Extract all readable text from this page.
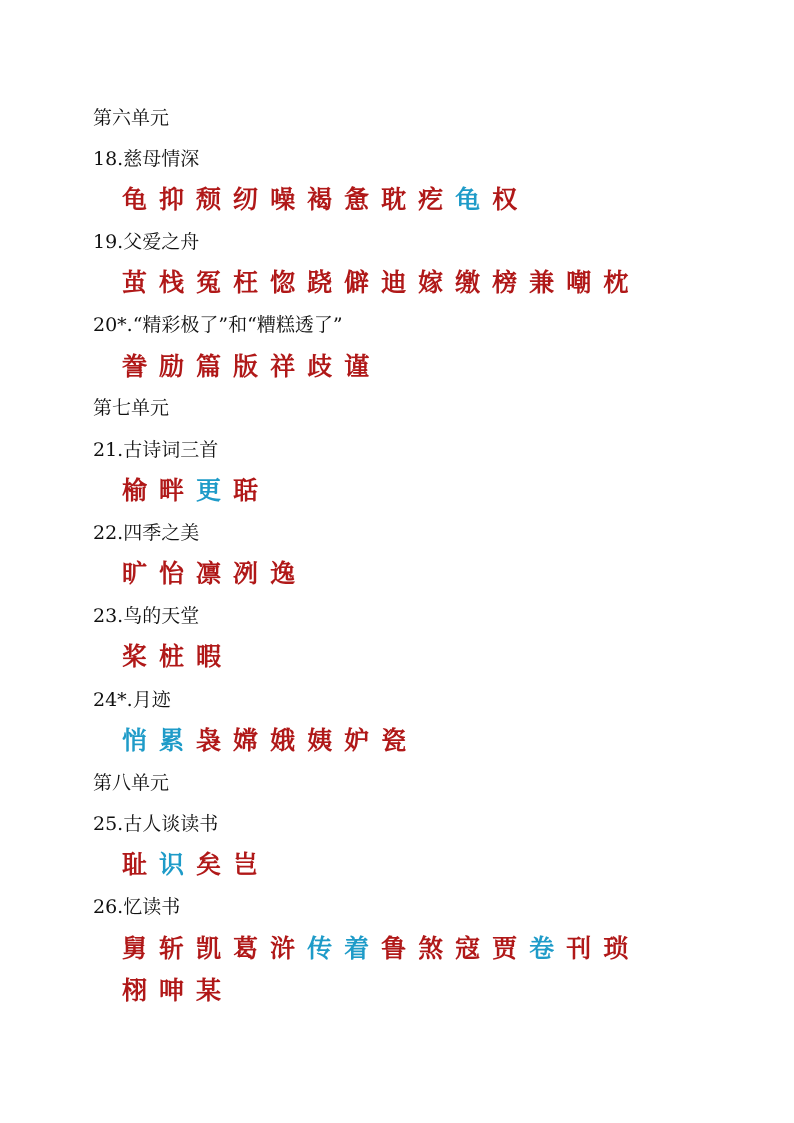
第六单元
18.慈母情深
龟 抑 颓 纫 噪 褐 惫 耽 疙 龟 权
19.父爱之舟
茧 栈 冤 枉 惚 跷 僻 迪 嫁 缴 榜 兼 嘲 枕
20*.“精彩极了”和“糟糕透了”
誊 励 篇 版 祥 歧 谨
第七单元
21.古诗词三首
榆 畔 更 聒
22.四季之美
旷 怡 凛 冽 逸
23.鸟的天堂
桨 桩 暇
24*.月迹
悄 累 袅 嫦 娥 姨 妒 瓷
第八单元
25.古人谈读书
耻 识 矣 岂
26.忆读书
舅 斩 凯 葛 浒 传 着 鲁 煞 寇 贾 卷 刊 琐
栩 呻 某
